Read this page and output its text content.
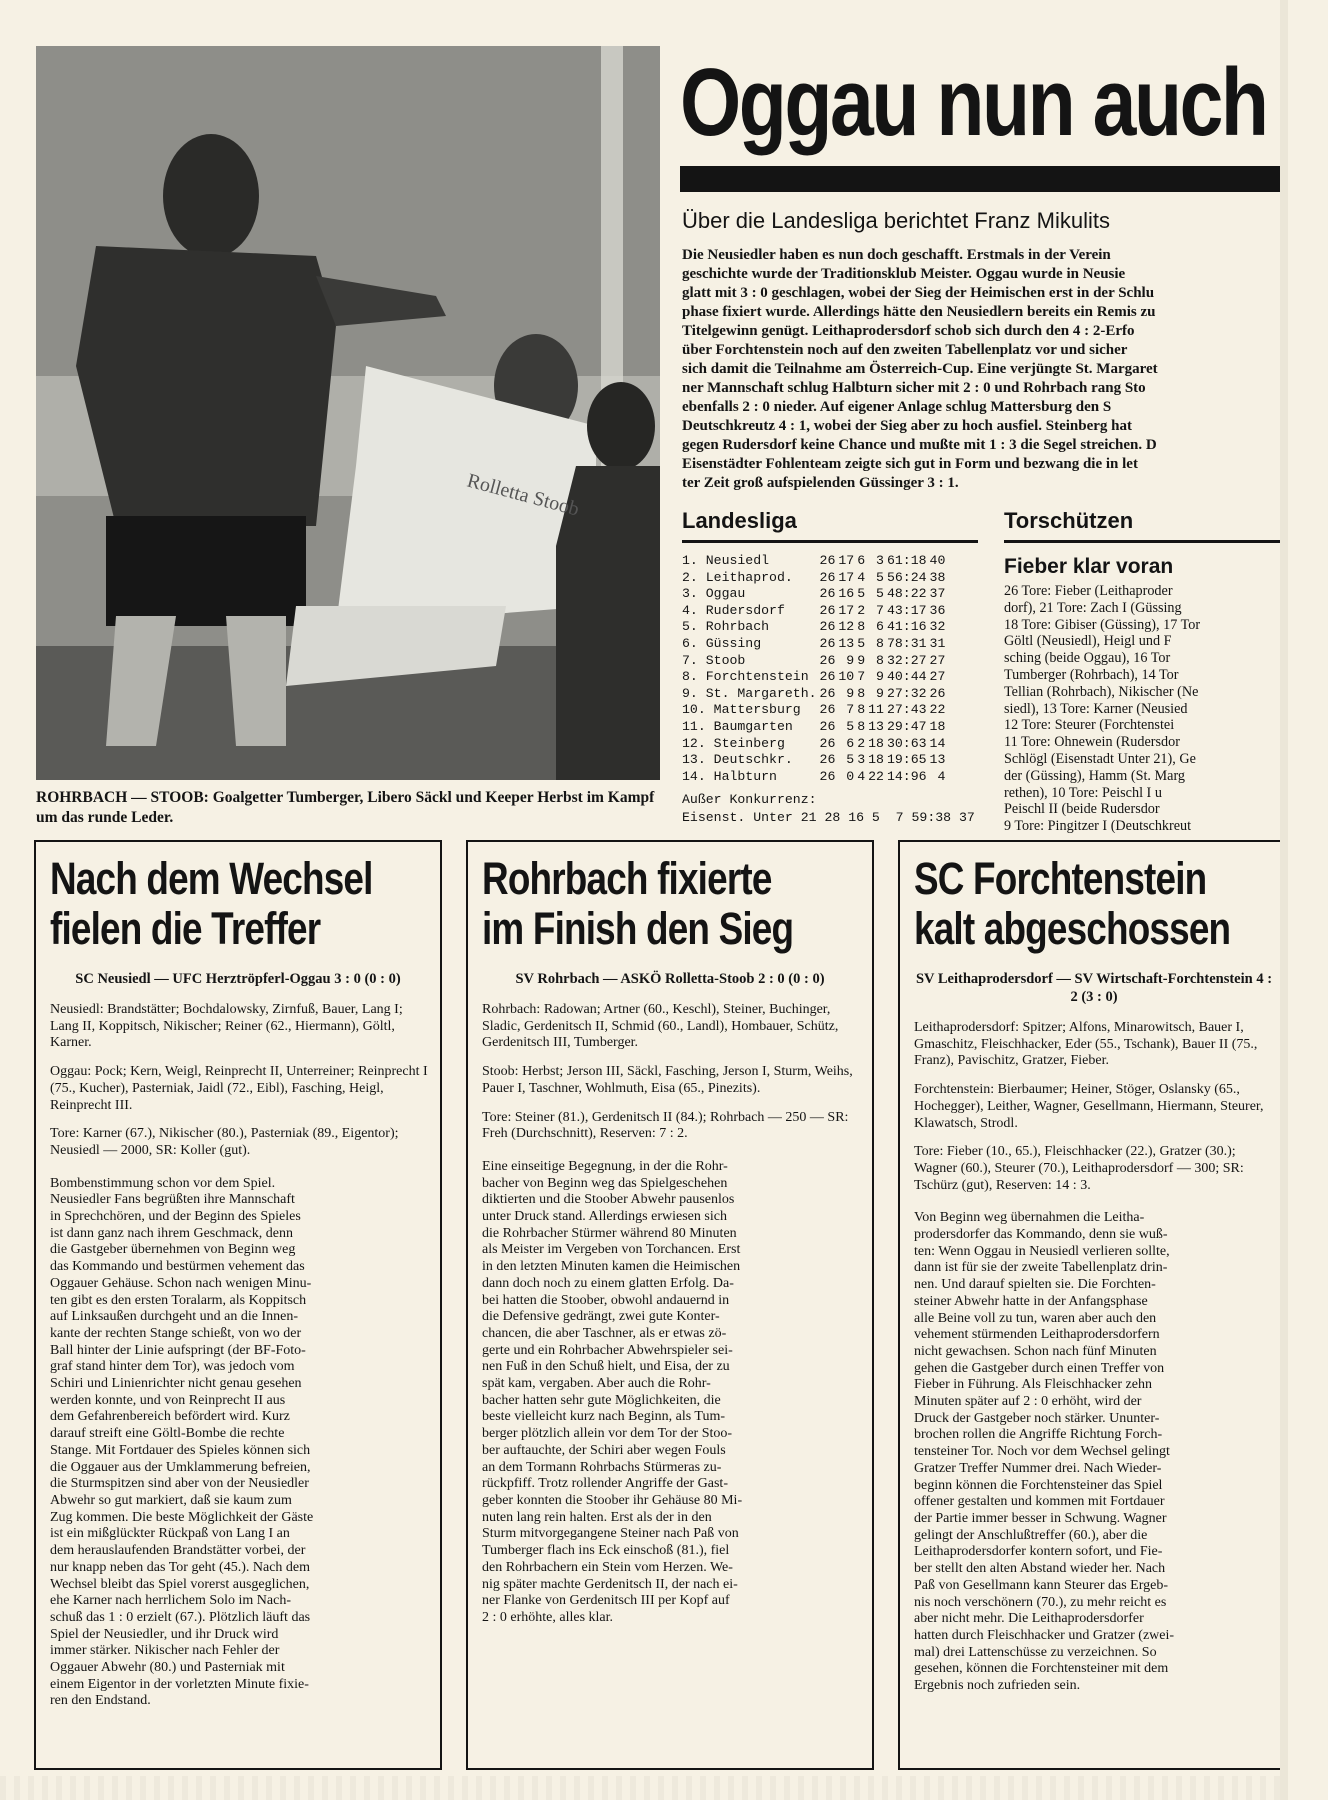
Rolletta Stoob
ROHRBACH — STOOB: Goalgetter Tumberger, Libero Säckl und Keeper Herbst im Kampf um das runde Leder.
Oggau nun auch
Über die Landesliga berichtet Franz Mikulits
Die Neusiedler haben es nun doch geschafft. Erstmals in der Verein
geschichte wurde der Traditionsklub Meister. Oggau wurde in Neusie
glatt mit 3 : 0 geschlagen, wobei der Sieg der Heimischen erst in der Schlu
phase fixiert wurde. Allerdings hätte den Neusiedlern bereits ein Remis zu
Titelgewinn genügt. Leithaprodersdorf schob sich durch den 4 : 2-Erfo
über Forchtenstein noch auf den zweiten Tabellenplatz vor und sicher
sich damit die Teilnahme am Österreich-Cup. Eine verjüngte St. Margaret
ner Mannschaft schlug Halbturn sicher mit 2 : 0 und Rohrbach rang Sto
ebenfalls 2 : 0 nieder. Auf eigener Anlage schlug Mattersburg den S
Deutschkreutz 4 : 1, wobei der Sieg aber zu hoch ausfiel. Steinberg hat
gegen Rudersdorf keine Chance und mußte mit 1 : 3 die Segel streichen. D
Eisenstädter Fohlenteam zeigte sich gut in Form und bezwang die in let
ter Zeit groß aufspielenden Güssinger 3 : 1.
Landesliga
1. Neusiedl	26	17	6	3	61:18	40
2. Leithaprod.	26	17	4	5	56:24	38
3. Oggau	26	16	5	5	48:22	37
4. Rudersdorf	26	17	2	7	43:17	36
5. Rohrbach	26	12	8	6	41:16	32
6. Güssing	26	13	5	8	78:31	31
7. Stoob	26	9	9	8	32:27	27
8. Forchtenstein	26	10	7	9	40:44	27
9. St. Margareth.	26	9	8	9	27:32	26
10. Mattersburg	26	7	8	11	27:43	22
11. Baumgarten	26	5	8	13	29:47	18
12. Steinberg	26	6	2	18	30:63	14
13. Deutschkr.	26	5	3	18	19:65	13
14. Halbturn	26	0	4	22	14:96	4
Außer Konkurrenz:
Eisenst. Unter 21 28 16 5  7 59:38 37
Torschützen
Fieber klar voran
26 Tore: Fieber (Leithaproder
dorf), 21 Tore: Zach I (Güssing
18 Tore: Gibiser (Güssing), 17 Tor
Göltl (Neusiedl), Heigl und F
sching (beide Oggau), 16 Tor
Tumberger (Rohrbach), 14 Tor
Tellian (Rohrbach), Nikischer (Ne
siedl), 13 Tore: Karner (Neusied
12 Tore: Steurer (Forchtenstei
11 Tore: Ohnewein (Rudersdor
Schlögl (Eisenstadt Unter 21), Ge
der (Güssing), Hamm (St. Marg
rethen), 10 Tore: Peischl I u
Peischl II (beide Rudersdor
9 Tore: Pingitzer I (Deutschkreut
Nach dem Wechsel
fielen die Treffer
SC Neusiedl — UFC Herztröpferl-Oggau 3 : 0 (0 : 0)

Neusiedl: Brandstätter; Bochdalowsky, Zirnfuß, Bauer, Lang I; Lang II, Koppitsch, Nikischer; Reiner (62., Hiermann), Göltl, Karner.

Oggau: Pock; Kern, Weigl, Reinprecht II, Unterreiner; Reinprecht I (75., Kucher), Pasterniak, Jaidl (72., Eibl), Fasching, Heigl, Reinprecht III.

Tore: Karner (67.), Nikischer (80.), Pasterniak (89., Eigentor); Neusiedl — 2000, SR: Koller (gut).

Bombenstimmung schon vor dem Spiel.
Neusiedler Fans begrüßten ihre Mannschaft
in Sprechchören, und der Beginn des Spieles
ist dann ganz nach ihrem Geschmack, denn
die Gastgeber übernehmen von Beginn weg
das Kommando und bestürmen vehement das
Oggauer Gehäuse. Schon nach wenigen Minu-
ten gibt es den ersten Toralarm, als Koppitsch
auf Linksaußen durchgeht und an die Innen-
kante der rechten Stange schießt, von wo der
Ball hinter der Linie aufspringt (der BF-Foto-
graf stand hinter dem Tor), was jedoch vom
Schiri und Linienrichter nicht genau gesehen
werden konnte, und von Reinprecht II aus
dem Gefahrenbereich befördert wird. Kurz
darauf streift eine Göltl-Bombe die rechte
Stange. Mit Fortdauer des Spieles können sich
die Oggauer aus der Umklammerung befreien,
die Sturmspitzen sind aber von der Neusiedler
Abwehr so gut markiert, daß sie kaum zum
Zug kommen. Die beste Möglichkeit der Gäste
ist ein mißglückter Rückpaß von Lang I an
dem herauslaufenden Brandstätter vorbei, der
nur knapp neben das Tor geht (45.). Nach dem
Wechsel bleibt das Spiel vorerst ausgeglichen,
ehe Karner nach herrlichem Solo im Nach-
schuß das 1 : 0 erzielt (67.). Plötzlich läuft das
Spiel der Neusiedler, und ihr Druck wird
immer stärker. Nikischer nach Fehler der
Oggauer Abwehr (80.) und Pasterniak mit
einem Eigentor in der vorletzten Minute fixie-
ren den Endstand.
Rohrbach fixierte
im Finish den Sieg
SV Rohrbach — ASKÖ Rolletta-Stoob 2 : 0 (0 : 0)

Rohrbach: Radowan; Artner (60., Keschl), Steiner, Buchinger, Sladic, Gerdenitsch II, Schmid (60., Landl), Hombauer, Schütz, Gerdenitsch III, Tumberger.

Stoob: Herbst; Jerson III, Säckl, Fasching, Jerson I, Sturm, Weihs, Pauer I, Taschner, Wohlmuth, Eisa (65., Pinezits).

Tore: Steiner (81.), Gerdenitsch II (84.); Rohrbach — 250 — SR: Freh (Durchschnitt), Reserven: 7 : 2.

Eine einseitige Begegnung, in der die Rohr-
bacher von Beginn weg das Spielgeschehen
diktierten und die Stoober Abwehr pausenlos
unter Druck stand. Allerdings erwiesen sich
die Rohrbacher Stürmer während 80 Minuten
als Meister im Vergeben von Torchancen. Erst
in den letzten Minuten kamen die Heimischen
dann doch noch zu einem glatten Erfolg. Da-
bei hatten die Stoober, obwohl andauernd in
die Defensive gedrängt, zwei gute Konter-
chancen, die aber Taschner, als er etwas zö-
gerte und ein Rohrbacher Abwehrspieler sei-
nen Fuß in den Schuß hielt, und Eisa, der zu
spät kam, vergaben. Aber auch die Rohr-
bacher hatten sehr gute Möglichkeiten, die
beste vielleicht kurz nach Beginn, als Tum-
berger plötzlich allein vor dem Tor der Stoo-
ber auftauchte, der Schiri aber wegen Fouls
an dem Tormann Rohrbachs Stürmeras zu-
rückpfiff. Trotz rollender Angriffe der Gast-
geber konnten die Stoober ihr Gehäuse 80 Mi-
nuten lang rein halten. Erst als der in den
Sturm mitvorgegangene Steiner nach Paß von
Tumberger flach ins Eck einschoß (81.), fiel
den Rohrbachern ein Stein vom Herzen. We-
nig später machte Gerdenitsch II, der nach ei-
ner Flanke von Gerdenitsch III per Kopf auf
2 : 0 erhöhte, alles klar.
SC Forchtenstein
kalt abgeschossen
SV Leithaprodersdorf — SV Wirtschaft-Forchtenstein 4 : 2 (3 : 0)

Leithaprodersdorf: Spitzer; Alfons, Minarowitsch, Bauer I, Gmaschitz, Fleischhacker, Eder (55., Tschank), Bauer II (75., Franz), Pavischitz, Gratzer, Fieber.

Forchtenstein: Bierbaumer; Heiner, Stöger, Oslansky (65., Hochegger), Leither, Wagner, Gesellmann, Hiermann, Steurer, Klawatsch, Strodl.

Tore: Fieber (10., 65.), Fleischhacker (22.), Gratzer (30.); Wagner (60.), Steurer (70.), Leithaprodersdorf — 300; SR: Tschürz (gut), Reserven: 14 : 3.

Von Beginn weg übernahmen die Leitha-
prodersdorfer das Kommando, denn sie wuß-
ten: Wenn Oggau in Neusiedl verlieren sollte,
dann ist für sie der zweite Tabellenplatz drin-
nen. Und darauf spielten sie. Die Forchten-
steiner Abwehr hatte in der Anfangsphase
alle Beine voll zu tun, waren aber auch den
vehement stürmenden Leithaprodersdorfern
nicht gewachsen. Schon nach fünf Minuten
gehen die Gastgeber durch einen Treffer von
Fieber in Führung. Als Fleischhacker zehn
Minuten später auf 2 : 0 erhöht, wird der
Druck der Gastgeber noch stärker. Ununter-
brochen rollen die Angriffe Richtung Forch-
tensteiner Tor. Noch vor dem Wechsel gelingt
Gratzer Treffer Nummer drei. Nach Wieder-
beginn können die Forchtensteiner das Spiel
offener gestalten und kommen mit Fortdauer
der Partie immer besser in Schwung. Wagner
gelingt der Anschlußtreffer (60.), aber die
Leithaprodersdorfer kontern sofort, und Fie-
ber stellt den alten Abstand wieder her. Nach
Paß von Gesellmann kann Steurer das Ergeb-
nis noch verschönern (70.), zu mehr reicht es
aber nicht mehr. Die Leithaprodersdorfer
hatten durch Fleischhacker und Gratzer (zwei-
mal) drei Lattenschüsse zu verzeichnen. So
gesehen, können die Forchtensteiner mit dem
Ergebnis noch zufrieden sein.
